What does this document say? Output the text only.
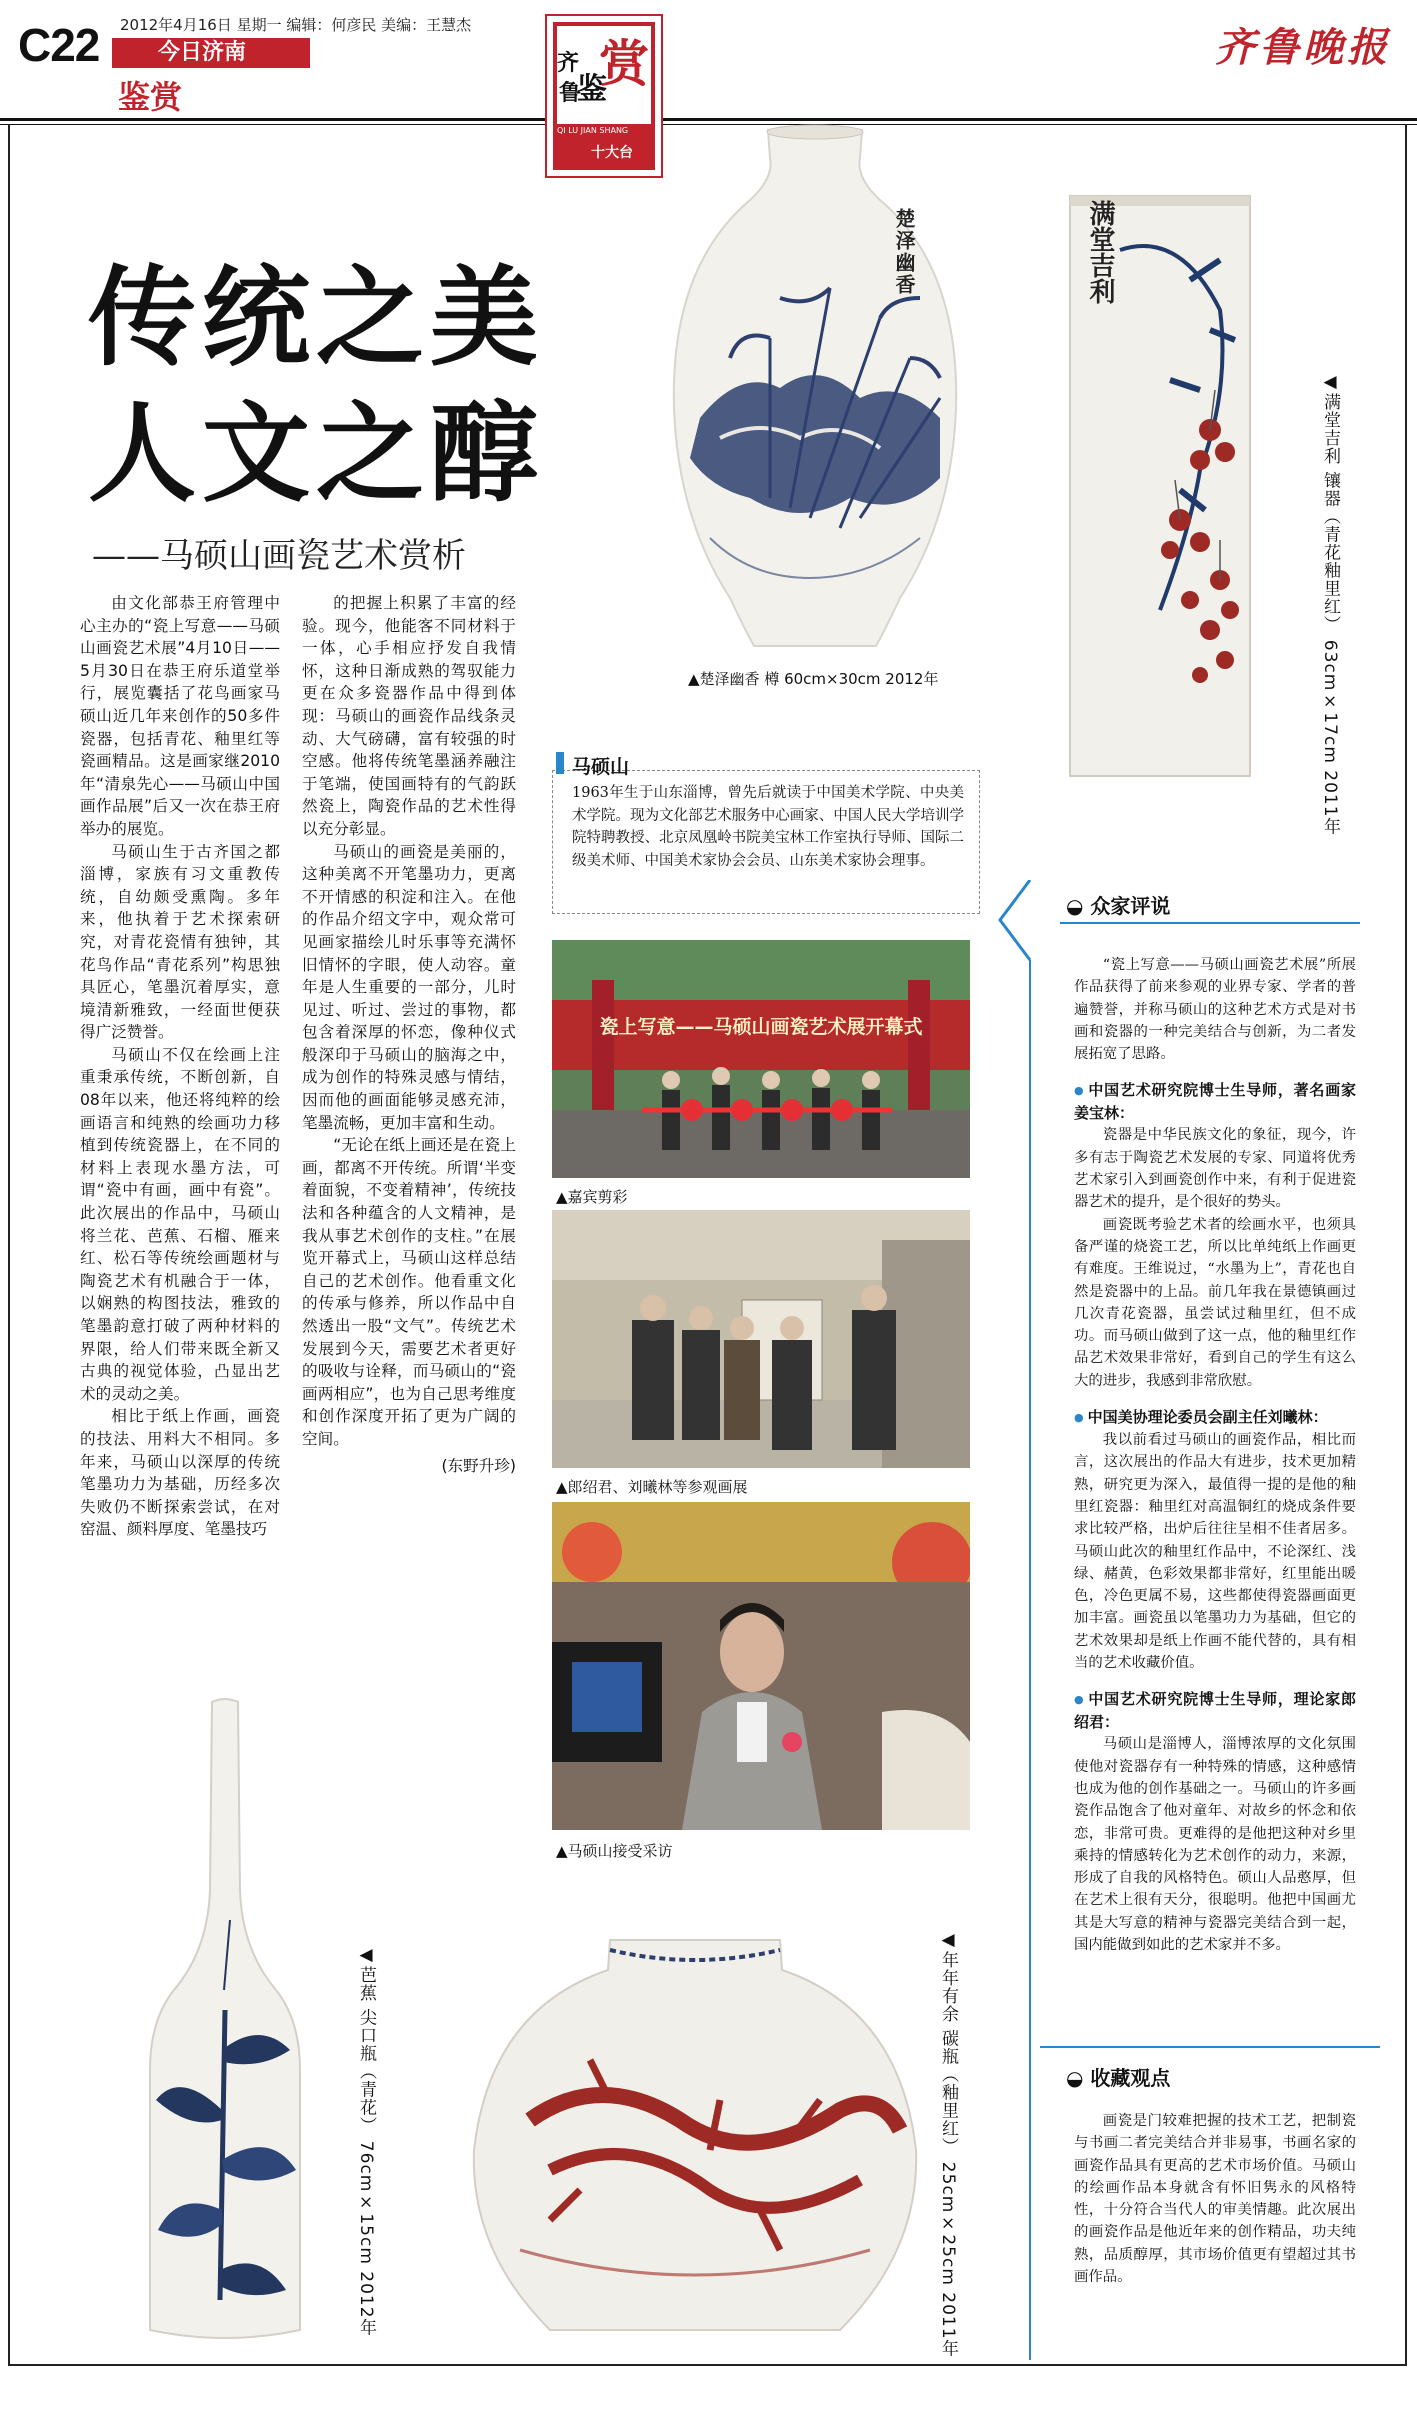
C22 2012年4月16日 星期一 编辑：何彦民 美编：王慧杰
今日济南
鉴赏
赏
鉴
齐
鲁
QI LU JIAN SHANG
十大台
齐鲁晚报
传统之美
人文之醇
——马硕山画瓷艺术赏析

由文化部恭王府管理中心主办的“瓷上写意——马硕山画瓷艺术展”4月10日——5月30日在恭王府乐道堂举行，展览囊括了花鸟画家马硕山近几年来创作的50多件瓷器，包括青花、釉里红等瓷画精品。这是画家继2010年“清泉先心——马硕山中国画作品展”后又一次在恭王府举办的展览。

马硕山生于古齐国之都淄博，家族有习文重教传统，自幼颇受熏陶。多年来，他执着于艺术探索研究，对青花瓷情有独钟，其花鸟作品“青花系列”构思独具匠心，笔墨沉着厚实，意境清新雅致，一经面世便获得广泛赞誉。

马硕山不仅在绘画上注重秉承传统，不断创新，自08年以来，他还将纯粹的绘画语言和纯熟的绘画功力移植到传统瓷器上，在不同的材料上表现水墨方法，可谓“瓷中有画，画中有瓷”。此次展出的作品中，马硕山将兰花、芭蕉、石榴、雁来红、松石等传统绘画题材与陶瓷艺术有机融合于一体，以娴熟的构图技法，雅致的笔墨韵意打破了两种材料的界限，给人们带来既全新又古典的视觉体验，凸显出艺术的灵动之美。

相比于纸上作画，画瓷的技法、用料大不相同。多年来，马硕山以深厚的传统笔墨功力为基础，历经多次失败仍不断探索尝试，在对窑温、颜料厚度、笔墨技巧

的把握上积累了丰富的经验。现今，他能客不同材料于一体，心手相应抒发自我情怀，这种日渐成熟的驾驭能力更在众多瓷器作品中得到体现：马硕山的画瓷作品线条灵动、大气磅礴，富有较强的时空感。他将传统笔墨涵养融注于笔端，使国画特有的气韵跃然瓷上，陶瓷作品的艺术性得以充分彰显。

马硕山的画瓷是美丽的，这种美离不开笔墨功力，更离不开情感的积淀和注入。在他的作品介绍文字中，观众常可见画家描绘儿时乐事等充满怀旧情怀的字眼，使人动容。童年是人生重要的一部分，儿时见过、听过、尝过的事物，都包含着深厚的怀恋，像种仪式般深印于马硕山的脑海之中，成为创作的特殊灵感与情结，因而他的画面能够灵感充沛，笔墨流畅，更加丰富和生动。

“无论在纸上画还是在瓷上画，都离不开传统。所谓‘半变着面貌，不变着精神’，传统技法和各种蕴含的人文精神，是我从事艺术创作的支柱。”在展览开幕式上，马硕山这样总结自己的艺术创作。他看重文化的传承与修养，所以作品中自然透出一股“文气”。传统艺术发展到今天，需要艺术者更好的吸收与诠释，而马硕山的“瓷画两相应”，也为自己思考维度和创作深度开拓了更为广阔的空间。

(东野升珍)
楚泽幽香
▲楚泽幽香 樽 60cm×30cm 2012年
满堂吉利
◀满堂吉利 镶器（青花釉里红） 63cm×17cm 2011年
马硕山
1963年生于山东淄博，曾先后就读于中国美术学院、中央美术学院。现为文化部艺术服务中心画家、中国人民大学培训学院特聘教授、北京凤凰岭书院美宝林工作室执行导师、国际二级美术师、中国美术家协会会员、山东美术家协会理事。
瓷上写意——马硕山画瓷艺术展开幕式
▲嘉宾剪彩
▲郎绍君、刘曦林等参观画展
▲马硕山接受采访
◀芭蕉 尖口瓶（青花） 76cm×15cm 2012年	◀年年有余 碳瓶（釉里红） 25cm×25cm 2011年
◒ 众家评说

“瓷上写意——马硕山画瓷艺术展”所展作品获得了前来参观的业界专家、学者的普遍赞誉，并称马硕山的这种艺术方式是对书画和瓷器的一种完美结合与创新，为二者发展拓宽了思路。

● 中国艺术研究院博士生导师，著名画家姜宝林：

瓷器是中华民族文化的象征，现今，许多有志于陶瓷艺术发展的专家、同道将优秀艺术家引入到画瓷创作中来，有利于促进瓷器艺术的提升，是个很好的势头。

画瓷既考验艺术者的绘画水平，也须具备严谨的烧瓷工艺，所以比单纯纸上作画更有难度。王维说过，“水墨为上”，青花也自然是瓷器中的上品。前几年我在景德镇画过几次青花瓷器，虽尝试过釉里红，但不成功。而马硕山做到了这一点，他的釉里红作品艺术效果非常好，看到自己的学生有这么大的进步，我感到非常欣慰。

● 中国美协理论委员会副主任刘曦林：

我以前看过马硕山的画瓷作品，相比而言，这次展出的作品大有进步，技术更加精熟，研究更为深入，最值得一提的是他的釉里红瓷器：釉里红对高温铜红的烧成条件要求比较严格，出炉后往往呈相不佳者居多。马硕山此次的釉里红作品中，不论深红、浅绿、赭黄，色彩效果都非常好，红里能出暖色，冷色更属不易，这些都使得瓷器画面更加丰富。画瓷虽以笔墨功力为基础，但它的艺术效果却是纸上作画不能代替的，具有相当的艺术收藏价值。

● 中国艺术研究院博士生导师，理论家郎绍君：

马硕山是淄博人，淄博浓厚的文化氛围使他对瓷器存有一种特殊的情感，这种感情也成为他的创作基础之一。马硕山的许多画瓷作品饱含了他对童年、对故乡的怀念和依恋，非常可贵。更难得的是他把这种对乡里乘持的情感转化为艺术创作的动力，来源，形成了自我的风格特色。硕山人品憨厚，但在艺术上很有天分，很聪明。他把中国画尤其是大写意的精神与瓷器完美结合到一起，国内能做到如此的艺术家并不多。

◒ 收藏观点

画瓷是门较难把握的技术工艺，把制瓷与书画二者完美结合并非易事，书画名家的画瓷作品具有更高的艺术市场价值。马硕山的绘画作品本身就含有怀旧隽永的风格特性，十分符合当代人的审美情趣。此次展出的画瓷作品是他近年来的创作精品，功夫纯熟，品质醇厚，其市场价值更有望超过其书画作品。
